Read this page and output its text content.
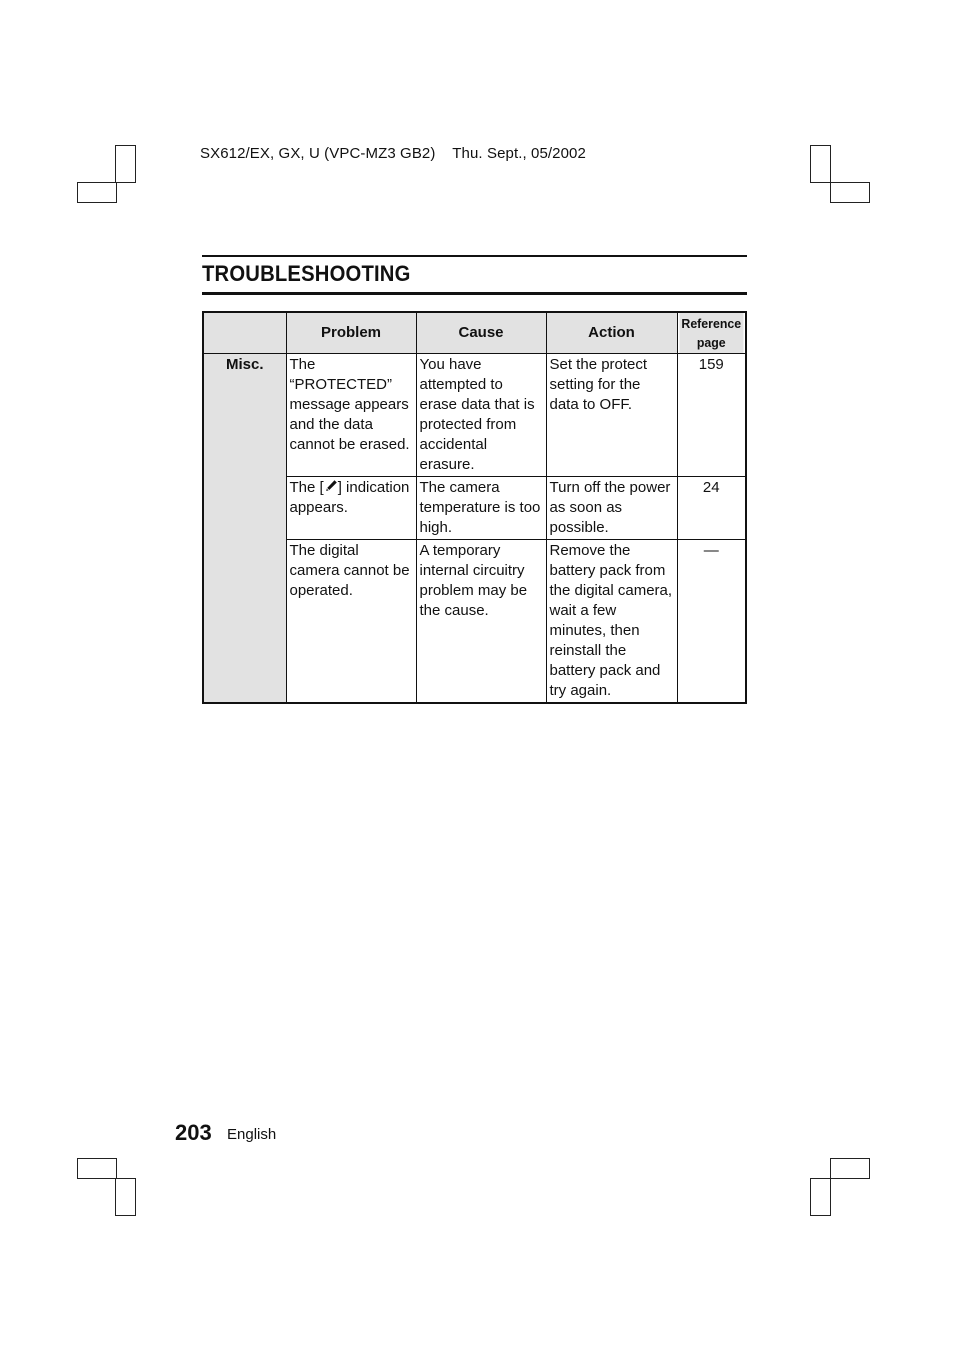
SX612/EX, GX, U (VPC-MZ3 GB2) Thu. Sept., 05/2002
TROUBLESHOOTING
	Problem	Cause	Action	Reference
page
Misc.	The “PROTECTED” message appears and the data cannot be erased.	You have attempted to erase data that is protected from accidental erasure.	Set the protect setting for the data to OFF.	159
	The [ ] indication appears.	The camera temperature is too high.	Turn off the power as soon as possible.	24
	The digital camera cannot be operated.	A temporary internal circuitry problem may be the cause.	Remove the battery pack from the digital camera, wait a few minutes, then reinstall the battery pack and try again.	—
203 English
